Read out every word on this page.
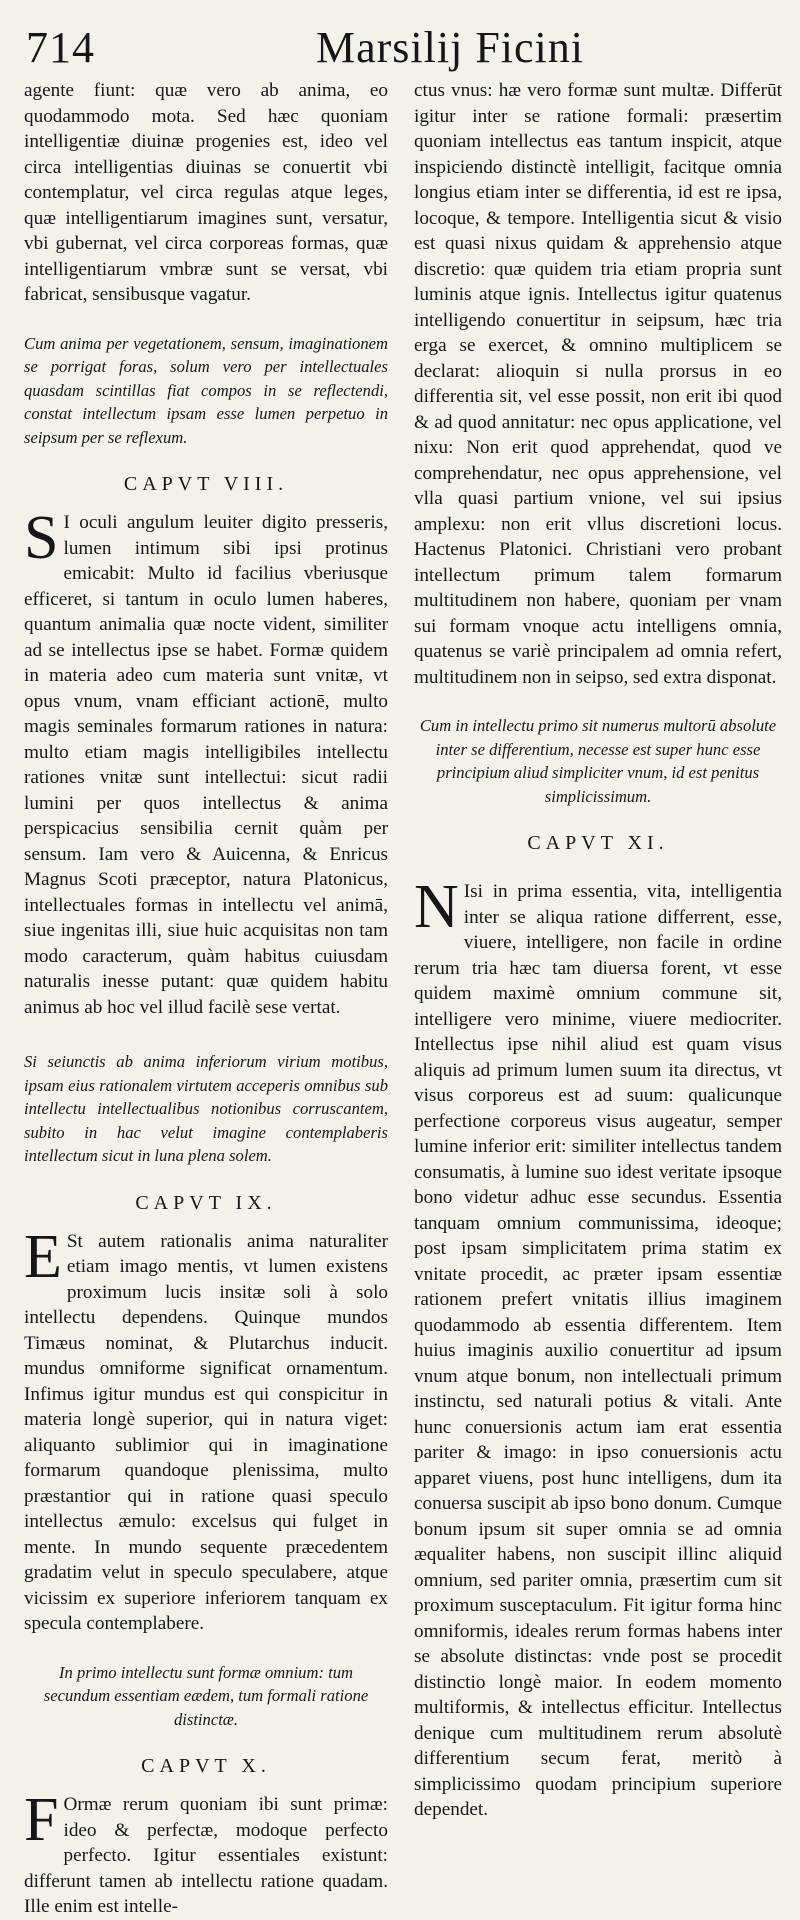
714	Marsilij Ficini

agente fiunt: quæ vero ab anima, eo quodammodo mota. Sed hæc quoniam intelligentiæ diuinæ progenies est, ideo vel circa intelligentias diuinas se conuertit vbi contemplatur, vel circa regulas atque leges, quæ intelligentiarum imagines sunt, versatur, vbi gubernat, vel circa corporeas formas, quæ intelligentiarum vmbræ sunt se versat, vbi fabricat, sensibusque vagatur.

Cum anima per vegetationem, sensum, imaginationem se porrigat foras, solum vero per intellectuales quasdam scintillas fiat compos in se reflectendi, constat intellectum ipsam esse lumen perpetuo in seipsum per se reflexum.

CAPVT VIII.

S I oculi angulum leuiter digito presseris, lumen intimum sibi ipsi protinus emicabit: Multo id facilius vberiusque efficeret, si tantum in oculo lumen haberes, quantum animalia quæ nocte vident, similiter ad se intellectus ipse se habet. Formæ quidem in materia adeo cum materia sunt vnitæ, vt opus vnum, vnam efficiant actionē, multo magis seminales formarum rationes in natura: multo etiam magis intelligibiles intellectu rationes vnitæ sunt intellectui: sicut radii lumini per quos intellectus & anima perspicacius sensibilia cernit quàm per sensum. Iam vero & Auicenna, & Enricus Magnus Scoti præceptor, natura Platonicus, intellectuales formas in intellectu vel animā, siue ingenitas illi, siue huic acquisitas non tam modo caracterum, quàm habitus cuiusdam naturalis inesse putant: quæ quidem habitu animus ab hoc vel illud facilè sese vertat.

Si seiunctis ab anima inferiorum virium motibus, ipsam eius rationalem virtutem acceperis omnibus sub intellectu intellectualibus notionibus corruscantem, subito in hac velut imagine contemplaberis intellectum sicut in luna plena solem.

CAPVT IX.

E St autem rationalis anima naturaliter etiam imago mentis, vt lumen existens proximum lucis insitæ soli à solo intellectu dependens. Quinque mundos Timæus nominat, & Plutarchus inducit. mundus omniforme significat ornamentum. Infimus igitur mundus est qui conspicitur in materia longè superior, qui in natura viget: aliquanto sublimior qui in imaginatione formarum quandoque plenissima, multo præstantior qui in ratione quasi speculo intellectus æmulo: excelsus qui fulget in mente. In mundo sequente præcedentem gradatim velut in speculo speculabere, atque vicissim ex superiore inferiorem tanquam ex specula contemplabere.

In primo intellectu sunt formæ omnium: tum secundum essentiam eædem, tum formali ratione distinctæ.

CAPVT X.

F Ormæ rerum quoniam ibi sunt primæ: ideo & perfectæ, modoque perfecto perfecto. Igitur essentiales existunt: differunt tamen ab intellectu ratione quadam. Ille enim est intelle-

ctus vnus: hæ vero formæ sunt multæ. Differūt igitur inter se ratione formali: præsertim quoniam intellectus eas tantum inspicit, atque inspiciendo distinctè intelligit, facitque omnia longius etiam inter se differentia, id est re ipsa, locoque, & tempore. Intelligentia sicut & visio est quasi nixus quidam & apprehensio atque discretio: quæ quidem tria etiam propria sunt luminis atque ignis. Intellectus igitur quatenus intelligendo conuertitur in seipsum, hæc tria erga se exercet, & omnino multiplicem se declarat: alioquin si nulla prorsus in eo differentia sit, vel esse possit, non erit ibi quod & ad quod annitatur: nec opus applicatione, vel nixu: Non erit quod apprehendat, quod ve comprehendatur, nec opus apprehensione, vel vlla quasi partium vnione, vel sui ipsius amplexu: non erit vllus discretioni locus. Hactenus Platonici. Christiani vero probant intellectum primum talem formarum multitudinem non habere, quoniam per vnam sui formam vnoque actu intelligens omnia, quatenus se variè principalem ad omnia refert, multitudinem non in seipso, sed extra disponat.

Cum in intellectu primo sit numerus multorū absolute inter se differentium, necesse est super hunc esse principium aliud simpliciter vnum, id est penitus simplicissimum.

CAPVT XI.

N Isi in prima essentia, vita, intelligentia inter se aliqua ratione differrent, esse, viuere, intelligere, non facile in ordine rerum tria hæc tam diuersa forent, vt esse quidem maximè omnium commune sit, intelligere vero minime, viuere mediocriter. Intellectus ipse nihil aliud est quam visus aliquis ad primum lumen suum ita directus, vt visus corporeus est ad suum: qualicunque perfectione corporeus visus augeatur, semper lumine inferior erit: similiter intellectus tandem consumatis, à lumine suo idest veritate ipsoque bono videtur adhuc esse secundus. Essentia tanquam omnium communissima, ideoque; post ipsam simplicitatem prima statim ex vnitate procedit, ac præter ipsam essentiæ rationem prefert vnitatis illius imaginem quodammodo ab essentia differentem. Item huius imaginis auxilio conuertitur ad ipsum vnum atque bonum, non intellectuali primum instinctu, sed naturali potius & vitali. Ante hunc conuersionis actum iam erat essentia pariter & imago: in ipso conuersionis actu apparet viuens, post hunc intelligens, dum ita conuersa suscipit ab ipso bono donum. Cumque bonum ipsum sit super omnia se ad omnia æqualiter habens, non suscipit illinc aliquid omnium, sed pariter omnia, præsertim cum sit proximum susceptaculum. Fit igitur forma hinc omniformis, ideales rerum formas habens inter se absolute distinctas: vnde post se procedit distinctio longè maior. In eodem momento multiformis, & intellectus efficitur. Intellectus denique cum multitudinem rerum absolutè differentium secum ferat, meritò à simplicissimo quodam principium superiore dependet.
